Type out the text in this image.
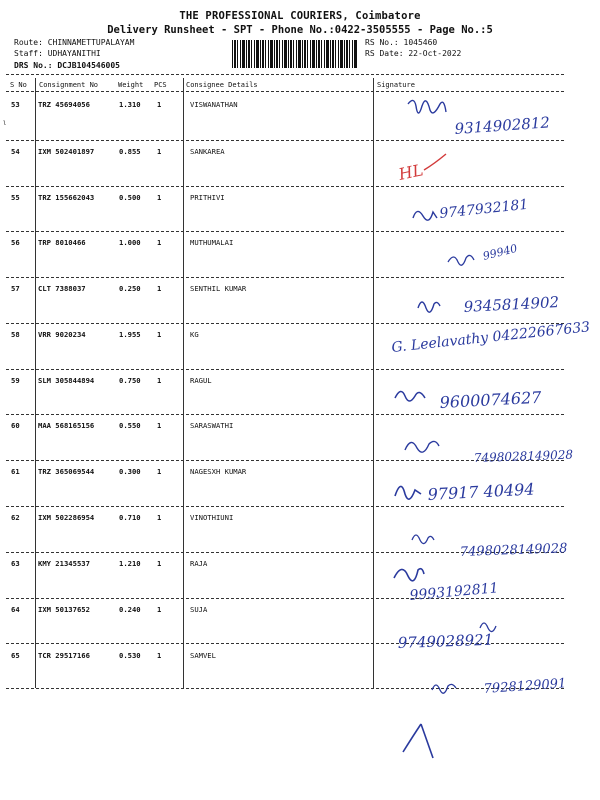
ι
THE PROFESSIONAL COURIERS, Coimbatore
Delivery Runsheet - SPT - Phone No.:0422-3505555 - Page No.:5
Route: CHINNAMETTUPALAYAM
Staff: UDHAYANITHI
DRS No.: DCJB104546005
RS No.: 1045460
RS Date: 22-Oct-2022
S No Consignment No	Weight PCS	Consignee Details	Signature
53	TRZ 45694056	1.310 1	VISWANATHAN
54	IXM 502401897	0.855 1	SANKAREA
55	TRZ 155662043	0.500 1	PRITHIVI
56	TRP 8010466	1.000 1	MUTHUMALAI
57	CLT 7388037	0.250 1	SENTHIL KUMAR
58	VRR 9020234	1.955 1	KG
59	SLM 305844894	0.750 1	RAGUL
60	MAA 568165156	0.550 1	SARASWATHI
61	TRZ 365069544	0.300 1	NAGESXH KUMAR
62	IXM 502286954	0.710 1	VINOTHIUNI
63	KMY 21345537	1.210 1	RAJA
64	IXM 50137652	0.240 1	SUJA
65	TCR 29517166	0.530 1	SAMVEL
9314902812
HL
9747932181
99940
9345814902
G. Leelavathy 04222667633
9600074627
7498028149028
97917 40494
7498028149028
9993192811
9749028921
7928129091
